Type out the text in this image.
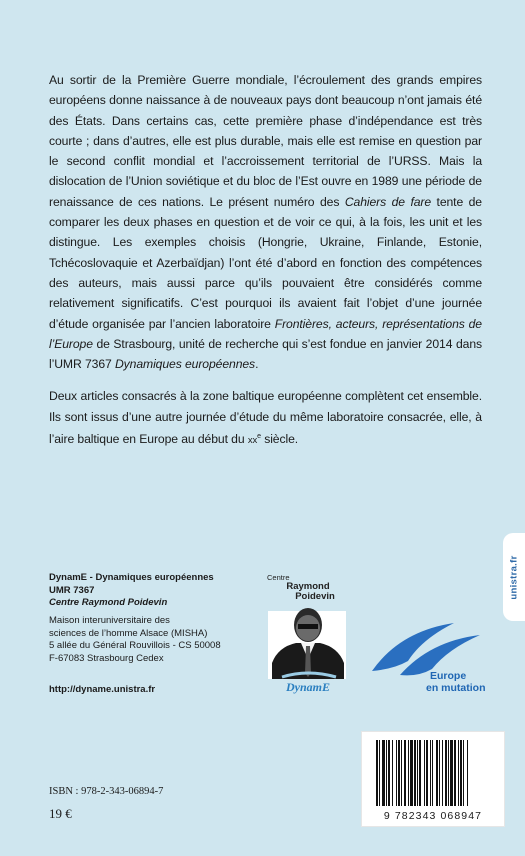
Au sortir de la Première Guerre mondiale, l’écroulement des grands empires européens donne naissance à de nouveaux pays dont beaucoup n’ont jamais été des États. Dans certains cas, cette première phase d’indépendance est très courte ; dans d’autres, elle est plus durable, mais elle est remise en question par le second conflit mondial et l’accroissement territorial de l’URSS. Mais la dislocation de l’Union soviétique et du bloc de l’Est ouvre en 1989 une période de renaissance de ces nations. Le présent numéro des Cahiers de fare tente de comparer les deux phases en question et de voir ce qui, à la fois, les unit et les distingue. Les exemples choisis (Hongrie, Ukraine, Finlande, Estonie, Tchécoslovaquie et Azerbaïdjan) l’ont été d’abord en fonction des compétences des auteurs, mais aussi parce qu’ils pouvaient être considérés comme relativement significatifs. C’est pourquoi ils avaient fait l’objet d’une journée d’étude organisée par l’ancien laboratoire Frontières, acteurs, représentations de l’Europe de Strasbourg, unité de recherche qui s’est fondue en janvier 2014 dans l’UMR 7367 Dynamiques européennes.

Deux articles consacrés à la zone baltique européenne complètent cet ensemble. Ils sont issus d’une autre journée d’étude du même laboratoire consacrée, elle, à l’aire baltique en Europe au début du $xx^e$ siècle.

unistra.fr
DynamE - Dynamiques européennes
UMR 7367
Centre Raymond Poidevin
Maison interuniversitaire des
sciences de l’homme Alsace (MISHA)
5 allée du Général Rouvillois - CS 50008
F-67083 Strasbourg Cedex
http://dyname.unistra.fr
Centre
Raymond
Poidevin
DynamE
Europe
en mutation
9 782343 068947
ISBN : 978-2-343-06894-7
19 €
